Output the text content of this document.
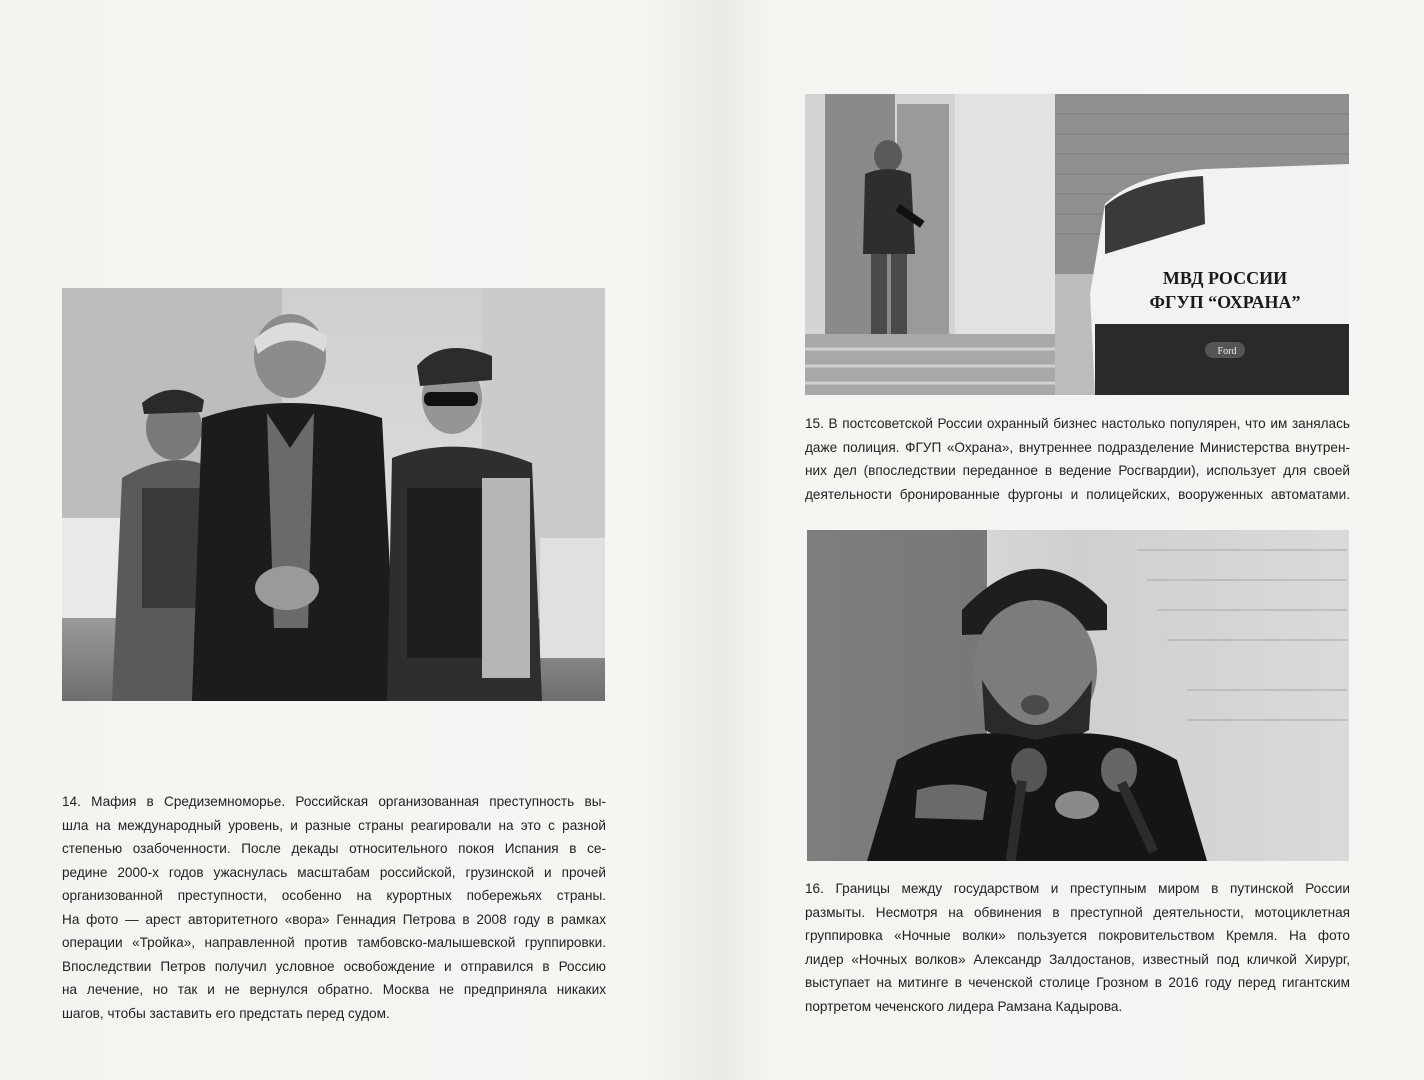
14. Мафия в Средиземноморье. Российская организованная преступность вы-
шла на международный уровень, и разные страны реагировали на это с разной
степенью озабоченности. После декады относительного покоя Испания в се-
редине 2000-х годов ужаснулась масштабам российской, грузинской и прочей
организованной преступности, особенно на курортных побережьях страны.
На фото — арест авторитетного «вора» Геннадия Петрова в 2008 году в рамках
операции «Тройка», направленной против тамбовско-малышевской группировки.
Впоследствии Петров получил условное освобождение и отправился в Россию
на лечение, но так и не вернулся обратно. Москва не предприняла никаких
шагов, чтобы заставить его предстать перед судом.
Ford
МВД РОССИИ
ФГУП “ОХРАНА”
15. В постсоветской России охранный бизнес настолько популярен, что им занялась
даже полиция. ФГУП «Охрана», внутреннее подразделение Министерства внутрен-
них дел (впоследствии переданное в ведение Росгвардии), использует для своей
деятельности бронированные фургоны и полицейских, вооруженных автоматами.
16. Границы между государством и преступным миром в путинской России
размыты. Несмотря на обвинения в преступной деятельности, мотоциклетная
группировка «Ночные волки» пользуется покровительством Кремля. На фото
лидер «Ночных волков» Александр Залдостанов, известный под кличкой Хирург,
выступает на митинге в чеченской столице Грозном в 2016 году перед гигантским
портретом чеченского лидера Рамзана Кадырова.
